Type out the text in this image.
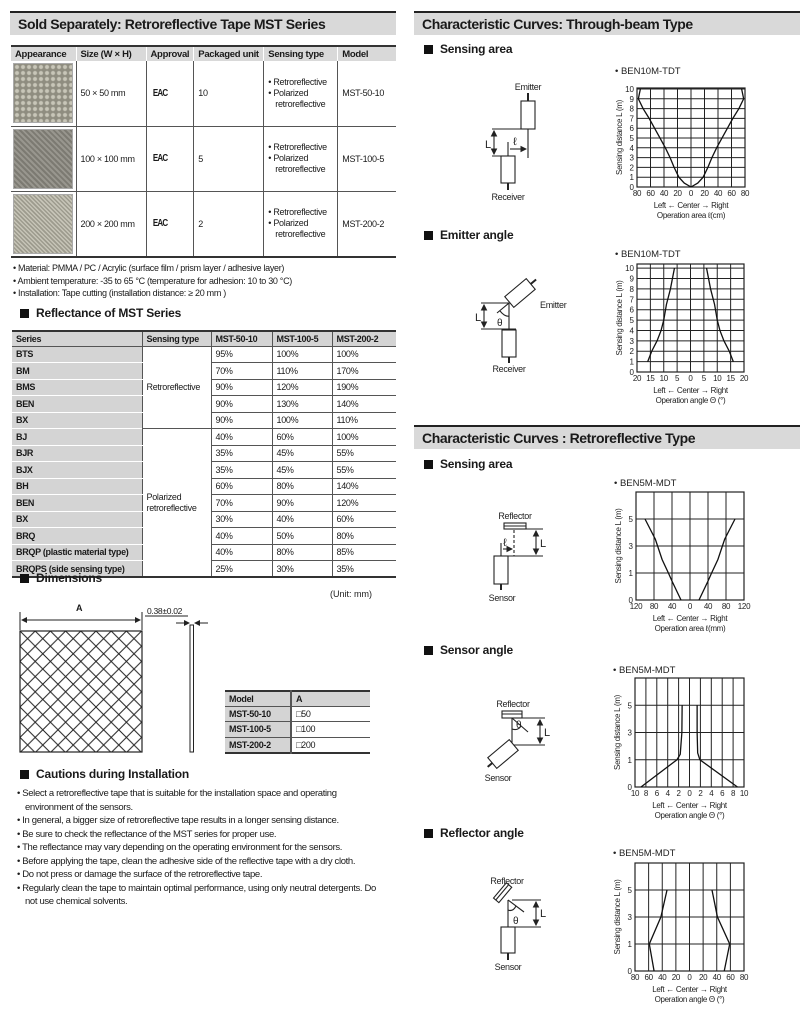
Sold Separately: Retroreflective Tape MST Series
Appearance	Size (W × H)	Approval	Packaged unit	Sensing type	Model

	50 × 50 mm	EAC	10	• Retroreflective
• Polarized retroreflective	MST-50-10

	100 × 100 mm	EAC	5	• Retroreflective
• Polarized retroreflective	MST-100-5

	200 × 200 mm	EAC	2	• Retroreflective
• Polarized retroreflective	MST-200-2
• Material: PMMA / PC / Acrylic (surface film / prism layer / adhesive layer)
• Ambient temperature: -35 to 65 °C (temperature for adhesion: 10 to 30 °C)
• Installation: Tape cutting (installation distance: ≥ 20 mm )
Reflectance of MST Series
Series	Sensing type	MST-50-10	MST-100-5	MST-200-2
BTS	Retroreflective	95%	100%	100%
BM		70%	110%	170%
BMS		90%	120%	190%
BEN		90%	130%	140%
BX		90%	100%	110%
BJ	Polarized retroreflective	40%	60%	100%
BJR		35%	45%	55%
BJX		35%	45%	55%
BH		60%	80%	140%
BEN		70%	90%	120%
BX		30%	40%	60%
BRQ		40%	50%	80%
BRQP (plastic material type)		40%	80%	85%
BRQPS (side sensing type)		25%	30%	35%
Dimensions
(Unit: mm)
A	0.38±0.02
Model	A
MST-50-10	□50
MST-100-5	□100
MST-200-2	□200
Cautions during Installation
• Select a retroreflective tape that is suitable for the installation space and operating environment of the sensors.
• In general, a bigger size of retroreflective tape results in a longer sensing distance.
• Be sure to check the reflectance of the MST series for proper use.
• The reflectance may vary depending on the operating environment for the sensors.
• Before applying the tape, clean the adhesive side of the reflective tape with a dry cloth.
• Do not press or damage the surface of the retroreflective tape.
• Regularly clean the tape to maintain optimal performance, using only neutral detergents. Do not use chemical solvents.
Characteristic Curves: Through-beam Type
Characteristic Curves : Retroreflective Type
Sensing area
Emitter angle
Sensing area
Sensor angle
Reflector angle
Emitter
Receiver
L ℓ
Emitter
Receiver
L θ
Reflector
Sensor
L
ℓ
Reflector
Sensor
L
θ
Reflector
Sensor
L
θ
• BEN10M-TDT
80 60 40 20 0 20 40 60 80
0
1
2
3
4
5
6
7
8
9
10
Sensing distance L (m)
Left ← Center → Right
Operation area ℓ(cm)
• BEN10M-TDT
20 15 10 5 0 5 10 15 20
0
1
2
3
4
5
6
7
8
9
10
Sensing distance L (m)
Left ← Center → Right
Operation angle Θ (°)
• BEN5M-MDT
120 80 40 0 40 80 120
0
1
3
5
Sensing distance L (m)
Left ← Center → Right
Operation area ℓ(mm)
• BEN5M-MDT
10 8 6 4 2 0 2 4 6 8 10
0
1
3
5
Sensing distance L (m)
Left ← Center → Right
Operation angle Θ (°)
• BEN5M-MDT
80 60 40 20 0 20 40 60 80
0
1
3
5
Sensing distance L (m)
Left ← Center → Right
Operation angle Θ (°)
